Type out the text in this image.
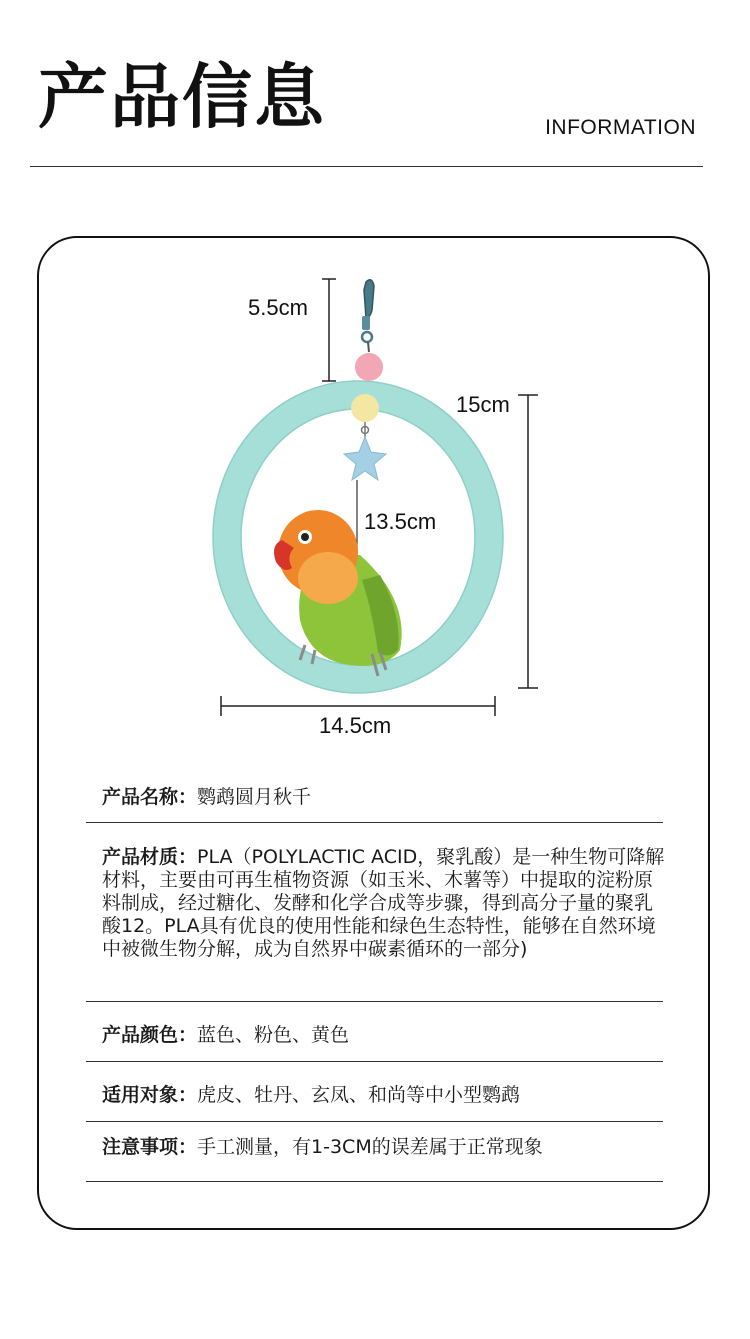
产品信息	INFORMATION
5.5cm
15cm
13.5cm
14.5cm
产品名称：鹦鹉圆月秋千
产品材质：PLA（POLYLACTIC ACID，聚乳酸）是一种生物可降解材料，主要由可再生植物资源（如玉米、木薯等）中提取的淀粉原料制成，经过糖化、发酵和化学合成等步骤，得到高分子量的聚乳酸12。PLA具有优良的使用性能和绿色生态特性，能够在自然环境中被微生物分解，成为自然界中碳素循环的一部分)
产品颜色：蓝色、粉色、黄色
适用对象：虎皮、牡丹、玄凤、和尚等中小型鹦鹉
注意事项：手工测量，有1-3CM的误差属于正常现象
